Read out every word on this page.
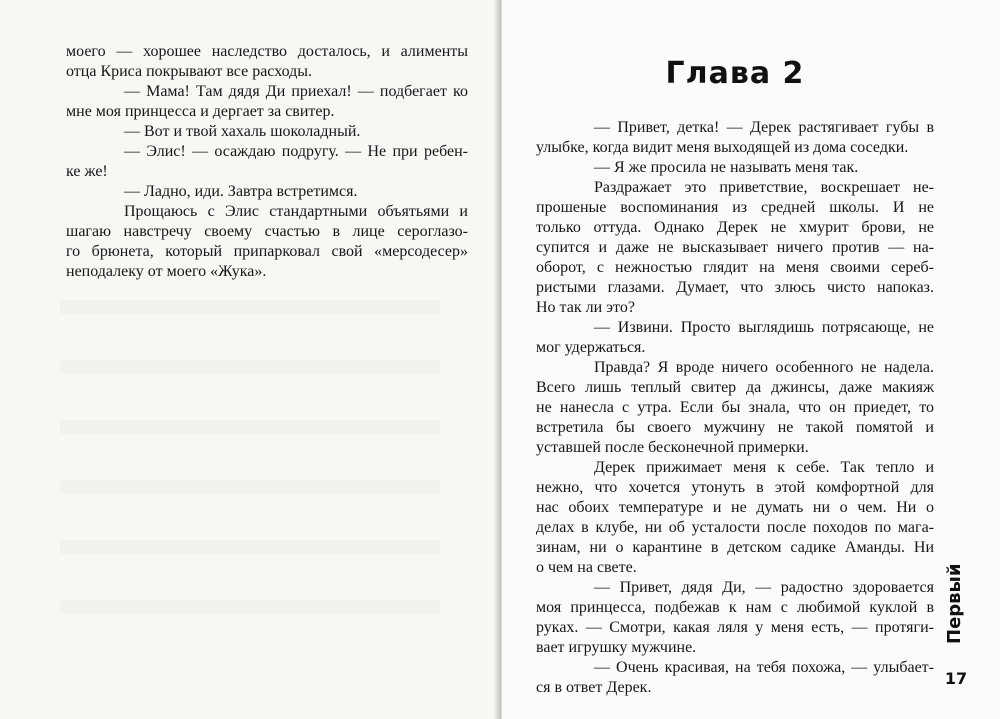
моего — хорошее наследство досталось, и алименты
отца Криса покрывают все расходы.
— Мама! Там дядя Ди приехал! — подбегает ко
мне моя принцесса и дергает за свитер.
— Вот и твой хахаль шоколадный.
— Элис! — осаждаю подругу. — Не при ребен-
ке же!
— Ладно, иди. Завтра встретимся.
Прощаюсь с Элис стандартными объятьями и
шагаю навстречу своему счастью в лице сероглазо-
го брюнета, который припарковал свой «мерсодесер»
неподалеку от моего «Жука».
Глава 2
— Привет, детка! — Дерек растягивает губы в
улыбке, когда видит меня выходящей из дома соседки.
— Я же просила не называть меня так.
Раздражает это приветствие, воскрешает не-
прошеные воспоминания из средней школы. И не
только оттуда. Однако Дерек не хмурит брови, не
супится и даже не высказывает ничего против — на-
оборот, с нежностью глядит на меня своими сереб-
ристыми глазами. Думает, что злюсь чисто напоказ.
Но так ли это?
— Извини. Просто выглядишь потрясающе, не
мог удержаться.
Правда? Я вроде ничего особенного не надела.
Всего лишь теплый свитер да джинсы, даже макияж
не нанесла с утра. Если бы знала, что он приедет, то
встретила бы своего мужчину не такой помятой и
уставшей после бесконечной примерки.
Дерек прижимает меня к себе. Так тепло и
нежно, что хочется утонуть в этой комфортной для
нас обоих температуре и не думать ни о чем. Ни о
делах в клубе, ни об усталости после походов по мага-
зинам, ни о карантине в детском садике Аманды. Ни
о чем на свете.
— Привет, дядя Ди, — радостно здоровается
моя принцесса, подбежав к нам с любимой куклой в
руках. — Смотри, какая ляля у меня есть, — протяги-
вает игрушку мужчине.
— Очень красивая, на тебя похожа, — улыбает-
ся в ответ Дерек.
Первый
17
